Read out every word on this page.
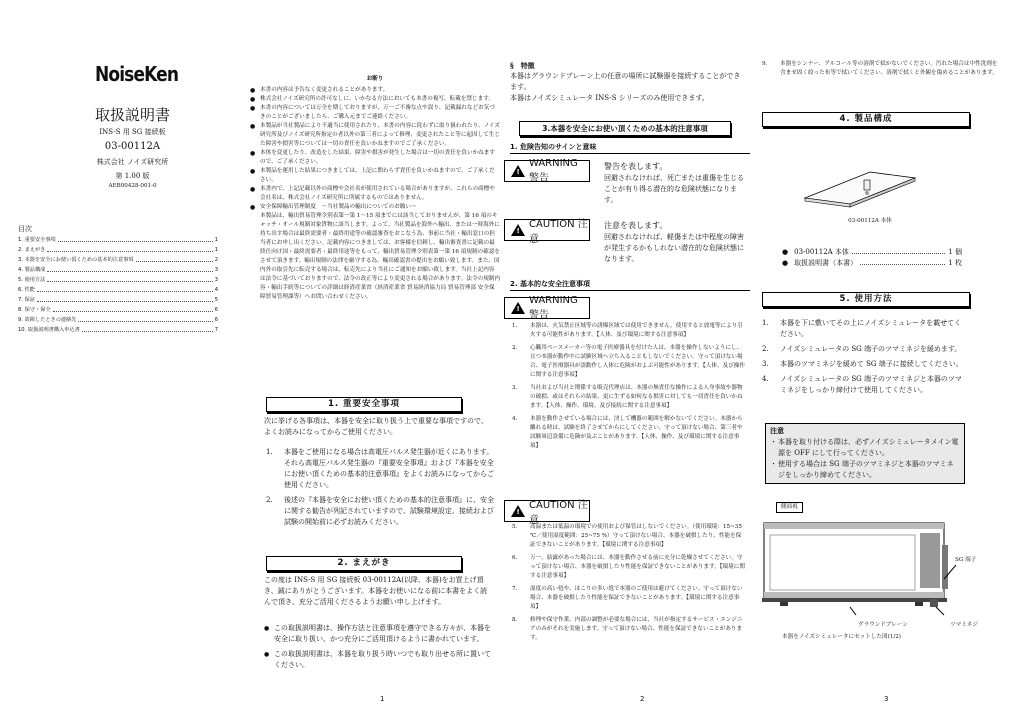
NoiseKen
取扱説明書
INS-S 用 SG 接続板
03-00112A
株式会社 ノイズ研究所
第 1.00 版
AEB00428-001-0
目次
1. 重要安全事項	1
2. まえがき	1
3. 本器を安全にお使い頂くための基本的注意事項	2
4. 製品構成	3
5. 使用方法	3
6. 性能	4
7. 保証	5
8. 保守・保全	6
9. 故障したときの連絡先	6
10. 取扱説明書購入申込書	7
1
お断り
● 本書の内容は予告なく変更されることがあります。
● 株式会社ノイズ研究所の許可なしに、いかなる方法においても本書の複写、転載を禁じます。
● 本書の内容については万全を期しておりますが、万一ご不審な点や誤り、記載漏れなどお気づきのことがございましたら、ご購入元までご連絡ください。
● 本製品が当社製品により不適当に使用されたり、本書の内容に従わずに取り扱われたり、ノイズ研究所及びノイズ研究所指定の者以外の第三者によって修理、変更されたこと等に起因して生じた障害や損害等については一切の責任を負いかねますのでご了承ください。
● 本体を変更したり、改造をした結果、障害や損害が発生した場合は一切の責任を負いかねますので、ご了承ください。
● 本製品を運用した結果につきましては、上記に関わらず責任を負いかねますので、ご了承ください。
● 本書内で、上記記載以外の商標や会社名が使用されている場合がありますが、これらの商標や会社名は、株式会社ノイズ研究所に所属するものではありません。
● 安全保障輸出管理制度　～当社製品の輸出についてのお願い～
本製品は、輸出貿易管理令別表第一第 1～15 項までには該当しておりませんが、第 16 項のキャッチ・オール規制対象貨物に該当します。よって、当社製品を海外へ輸出、または一時海外に持ち出す場合は最終需要者・最終用途等の確認審査をおこなう為、事前に当社・輸出窓口の担当者にお申し出ください。記載内容につきましては、お客様を信頼し、輸出審査書に記載の最終仕向け国・最終需要者・最終用途等をもって、輸出貿易管理令別表第一第 16 項規制の確認をさせて頂きます。輸出規制の法律を厳守する為、輸出確認書の提出をお願い致します。また、国内外の取引先に転売する場合は、転売先により当社にご通知をお願い致します。当社上記内容は法令に基づいておりますので、法令の改正等により変更される場合があります。法令の規制内容・輸出手続等についての詳細は経済産業省（経済産業省 貿易経済協力局 貿易管理部 安全保障貿易管理課等）へお問い合わせください。
1. 重要安全事項
次に挙げる各事項は、本器を安全に取り扱う上で重要な事項ですので、よくお読みになってからご使用ください。
1. 本器をご使用になる場合は高電圧パルス発生器が近くにあります。それら高電圧パルス発生器の『重要安全事項』および『本器を安全にお使い頂くための基本的注意事項』をよくお読みになってからご使用ください。
2. 後述の『本器を安全にお使い頂くための基本的注意事項』に、安全に関する勧告が列記されていますので、試験環境設定、接続および試験の開始前に必ずお読みください。
2. まえがき
この度は INS-S 用 SG 接続板 03-00112A(以降、本器)をお買上げ頂き、誠にありがとうございます。本器をお使いになる前に本書をよく読んで頂き、充分ご活用くださるようお願い申し上げます。
● この取扱説明書は、操作方法と注意事項を遵守できる方々が、本器を安全に取り扱い、かつ充分にご活用頂けるように書かれています。
● この取扱説明書は、本器を取り扱う時いつでも取り出せる所に置いてください。
§　特徴
本器はグラウンドプレーン上の任意の場所に試験器を接続することができます。
本器はノイズシミュレータ INS-S シリーズのみ使用できます。
3.本器を安全にお使い頂くための基本的注意事項
1. 危険告知のサインと意味
!
WARNING 警告
警告を表します。
回避されなければ、死亡または重傷を生じることが有り得る潜在的な危険状態になります。
!
CAUTION 注意
注意を表します。
回避されなければ、軽傷または中程度の障害が発生するかもしれない潜在的な危険状態になります。
2. 基本的な安全注意事項
!
WARNING 警告
1. 本器は、火気禁止区域等の誘爆区域では使用できません。使用すると放電等により引火する可能性があります。【人体、及び環境に関する注意事項】
2. 心臓用ペースメーカー等の電子医療器具を付けた人は、本器を操作しないようにし、且つ本器が動作中に試験区域へ立ち入ることもしないでください。守って頂けない場合、電子医療器具が誤動作し人体に危険がおよぶ可能性があります。【人体、及び操作に関する注意事項】
3. 当社および当社と関係する販売代理店は、本器の無責任な操作による人身事故や器物の破損、或はそれらの結果、更に生ずる如何なる損害に対しても一切責任を負いかねます。【人体、操作、環境、及び接続に関する注意事項】
4. 本器を動作させている場合には、決して機器の範囲を解かないでください。本器から離れる時は、試験を終了させてからにしてください。守って頂けない場合、第三者や試験周辺設備に危険が及ぶことがあります。【人体、操作、及び環境に関する注意事項】
!
CAUTION 注意
5. 高温または低温の環境での使用および保管はしないでください。（使用環境：15~35 ℃／使用湿度範囲：25~75 %）守って頂けない場合、本器を破損したり、性能を保証できないことがあります。【環境に関する注意事項】
6. 万一、結露があった場合には、本器を動作させる前に充分に乾燥させてください。守って頂けない場合、本器を破損したり性能を保証できないことがあります。【環境に関する注意事項】
7. 湿度の高い処や、ほこりの多い処で本器のご使用は避けてください。守って頂けない場合、本器を破損したり性能を保証できないことがあります。【環境に関する注意事項】
8. 修理や保守作業、内部の調整が必要な場合には、当社が指定するサービス・エンジニアのみがそれを実施します。守って頂けない場合、性能を保証できないことがあります。
2
9. 本器をシンナー、アルコール等の溶剤で拭かないでください。汚れた場合は中性洗剤を含ませ固く絞った布等で拭いてください。溶剤で拭くと外観を傷めることがあります。
4. 製品構成
03-00112A 本体
● 03-00112A 本体	1 個
● 取扱説明書（本書）	1 枚
5. 使用方法
1. 本器を下に敷いてその上にノイズシミュレータを載せてください。
2. ノイズシミュレータの SG 端子のツマミネジを緩めます。
3. 本器のツマミネジを緩めて SG 端子に接続してください。
4. ノイズシミュレータの SG 端子のツマミネジと本器のツマミネジをしっかり締付けて使用してください。
注意
・ 本器を取り付ける際は、必ずノイズシミュレータメイン電源を OFF にして行ってください。
・ 使用する場合は SG 端子のツマミネジと本器のツマミネジをしっかり締めてください。
側面視
SG 端子
グラウンドプレーン	ツマミネジ
本器をノイズシミュレータにセットした図(1/2)
3
